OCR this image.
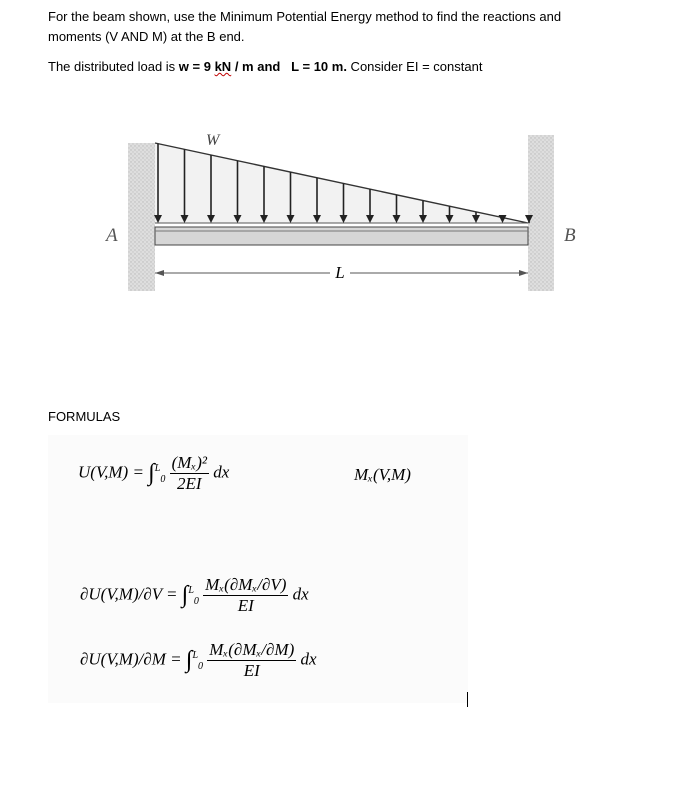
For the beam shown, use the Minimum Potential Energy method to find the reactions and
moments (V AND M) at the B end.
The distributed load is w = 9 kN / m and L = 10 m. Consider EI = constant
L
W
A	B
FORMULAS
$U(V,M) = \int^L_0 \frac{\text{(Mₓ)²}}{2EI}$ dx	Mₓ(V,M)
$\partial U(V,M)/\partial V = \int^L_0 \frac{\text{Mₓ(∂Mₓ/∂V)}}{EI}$ dx
$\partial U(V,M)/\partial M = \int^L_0 \frac{\text{Mₓ(∂Mₓ/∂M)}}{EI}$ dx
